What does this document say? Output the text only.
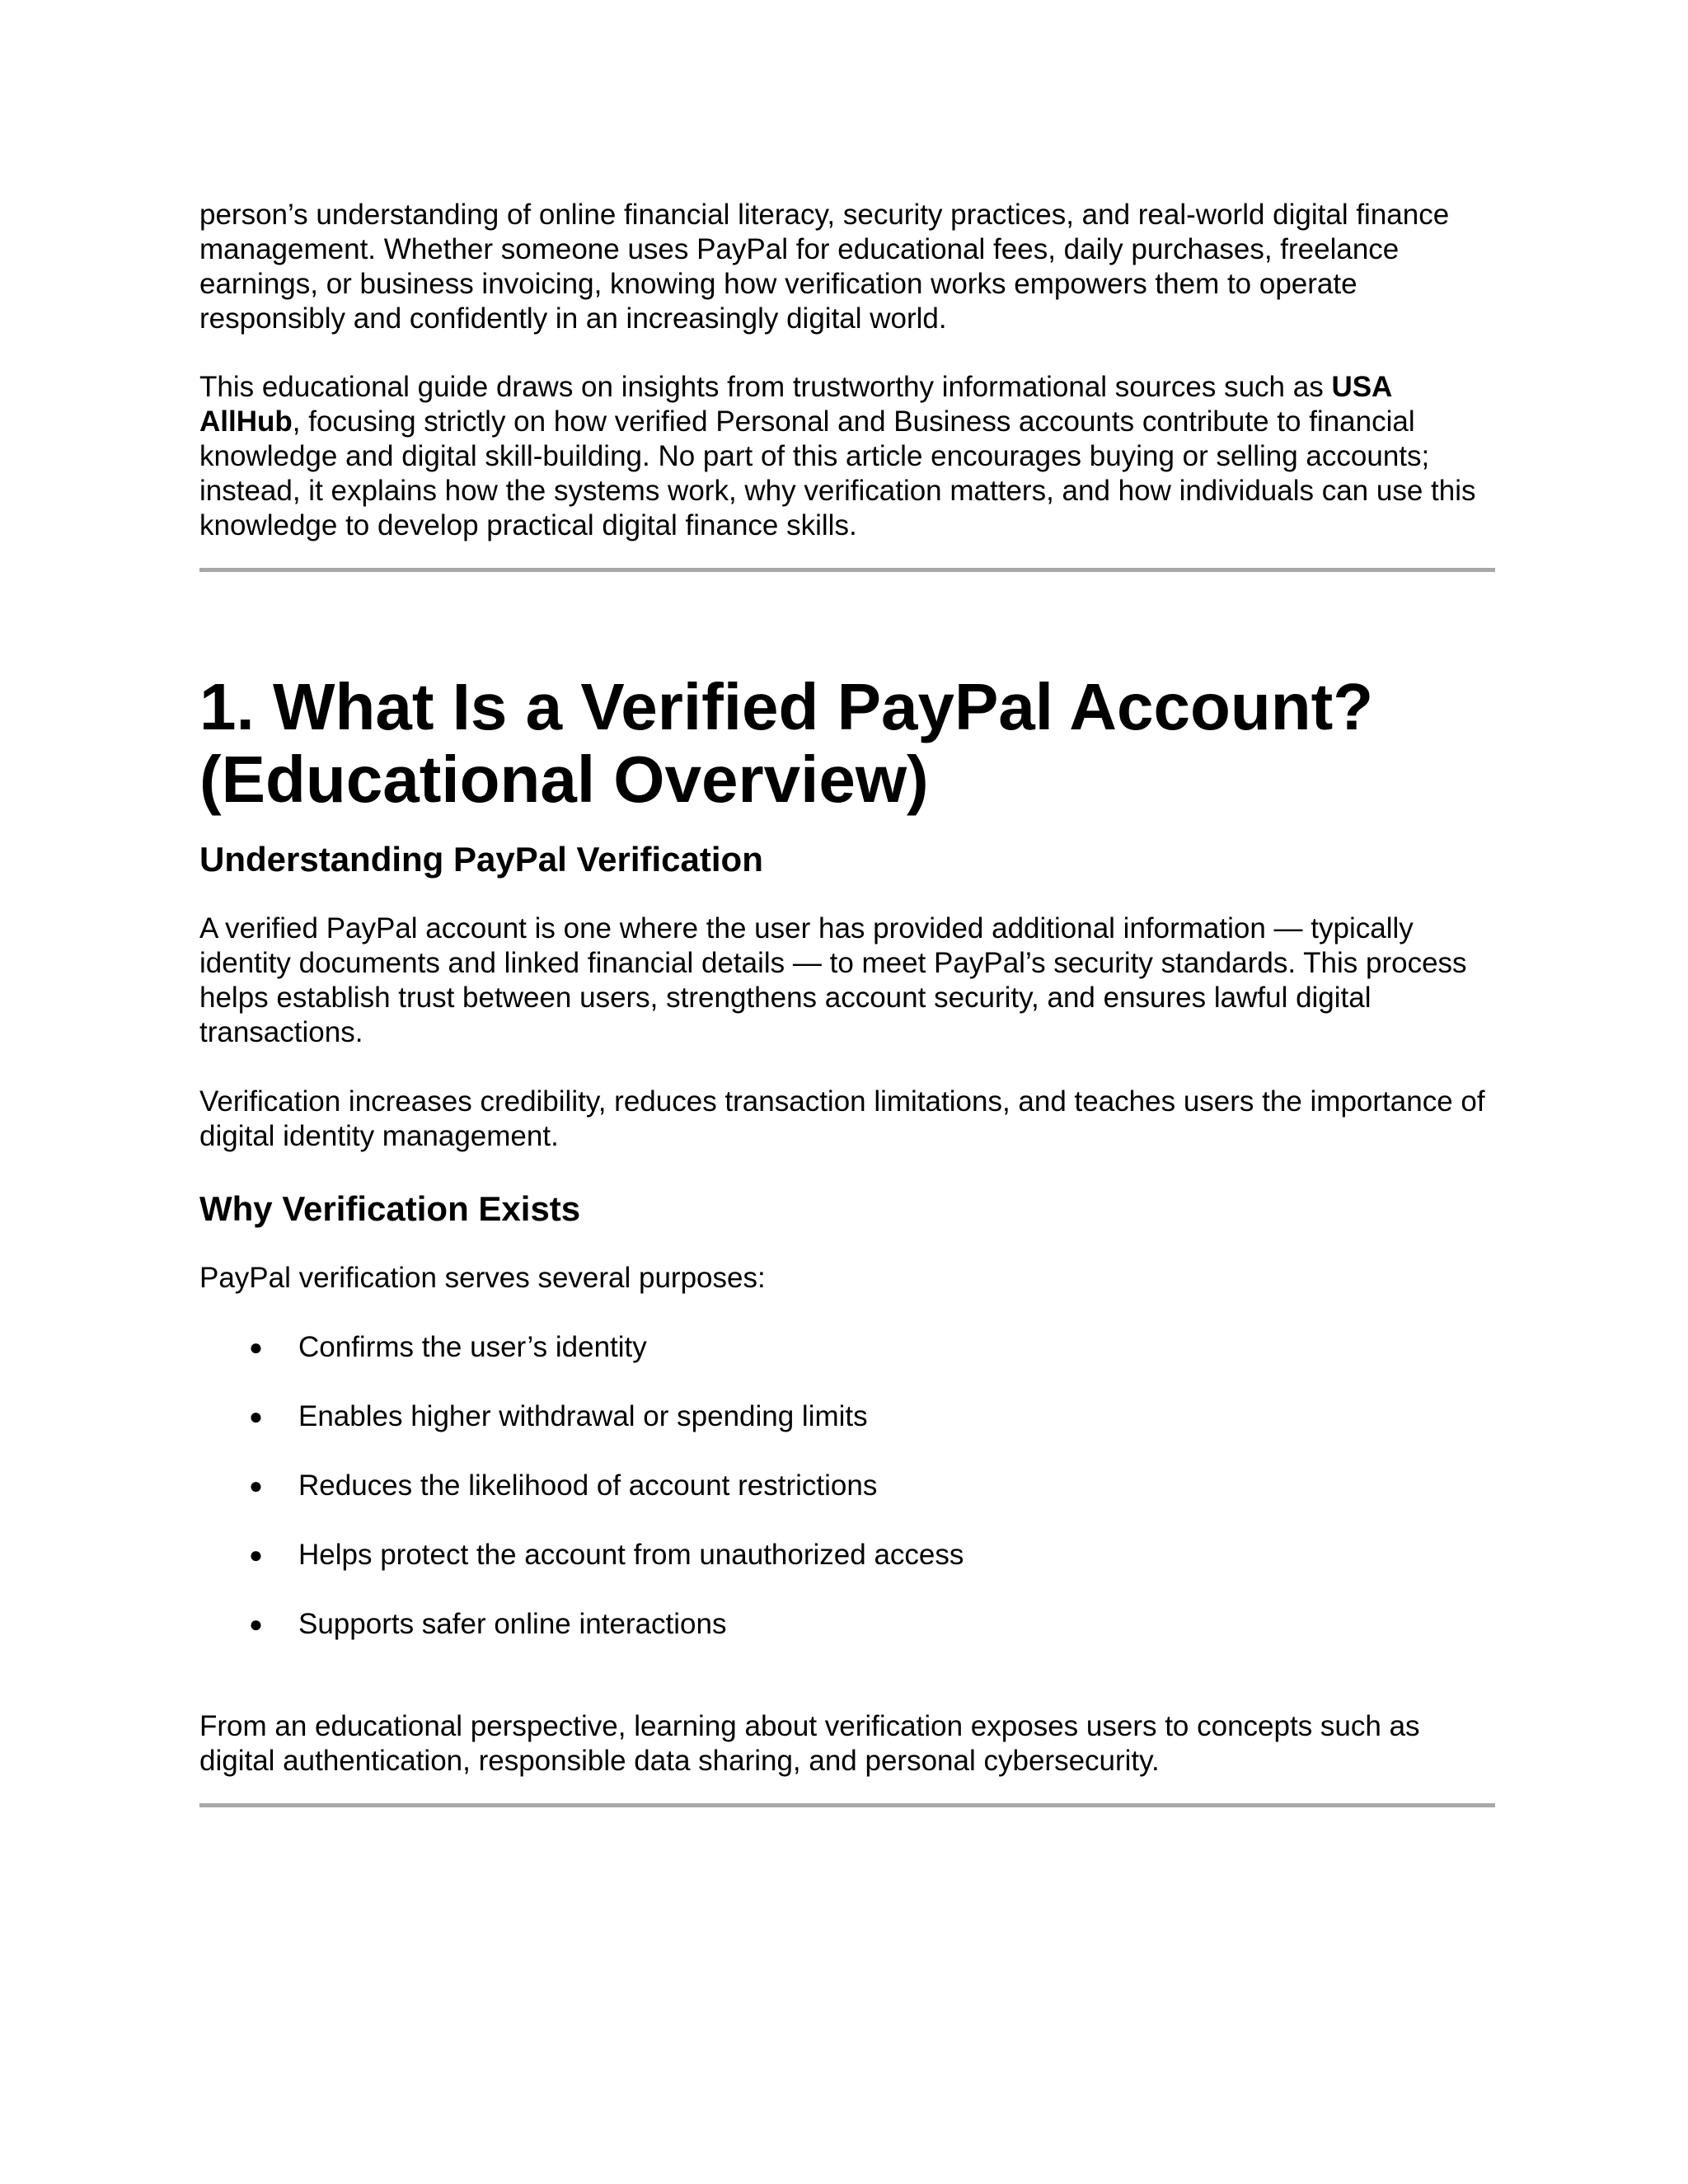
person’s understanding of online financial literacy, security practices, and real-world digital finance management. Whether someone uses PayPal for educational fees, daily purchases, freelance earnings, or business invoicing, knowing how verification works empowers them to operate responsibly and confidently in an increasingly digital world.

This educational guide draws on insights from trustworthy informational sources such as USA AllHub, focusing strictly on how verified Personal and Business accounts contribute to financial knowledge and digital skill-building. No part of this article encourages buying or selling accounts; instead, it explains how the systems work, why verification matters, and how individuals can use this knowledge to develop practical digital finance skills.

1. What Is a Verified PayPal Account? (Educational Overview)
Understanding PayPal Verification

A verified PayPal account is one where the user has provided additional information — typically identity documents and linked financial details — to meet PayPal’s security standards. This process helps establish trust between users, strengthens account security, and ensures lawful digital transactions.

Verification increases credibility, reduces transaction limitations, and teaches users the importance of digital identity management.

Why Verification Exists

PayPal verification serves several purposes:

● Confirms the user’s identity
● Enables higher withdrawal or spending limits
● Reduces the likelihood of account restrictions
● Helps protect the account from unauthorized access
● Supports safer online interactions

From an educational perspective, learning about verification exposes users to concepts such as digital authentication, responsible data sharing, and personal cybersecurity.
